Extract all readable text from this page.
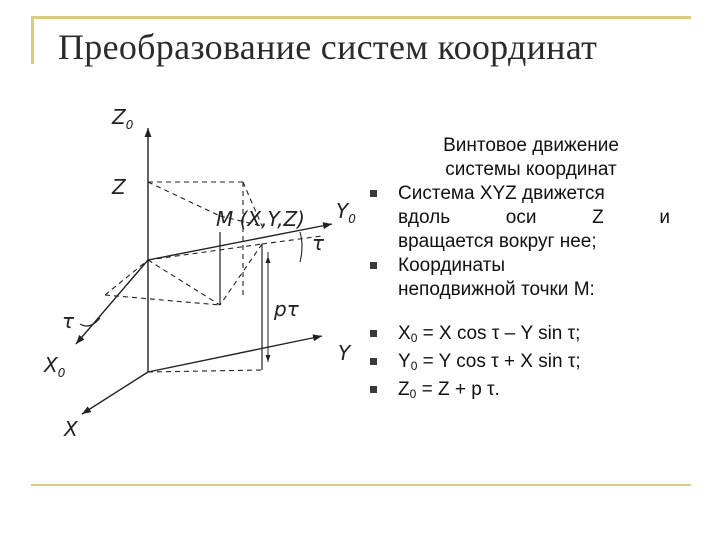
Преобразование систем координат
$Z_0$
Z
M (X,Y,Z) $Y_0$
τ
pτ
τ
$X_0$
Y
X
Винтовое движение
системы координат
Система XYZ движется
вдоль	оси	Z	и
вращается вокруг нее;
Координаты
неподвижной точки M:
$X_0 = X$ cos τ – Y sin τ;
$Y_0 = Y$ cos τ + X sin τ;
$Z_0 = Z + p$ τ.
